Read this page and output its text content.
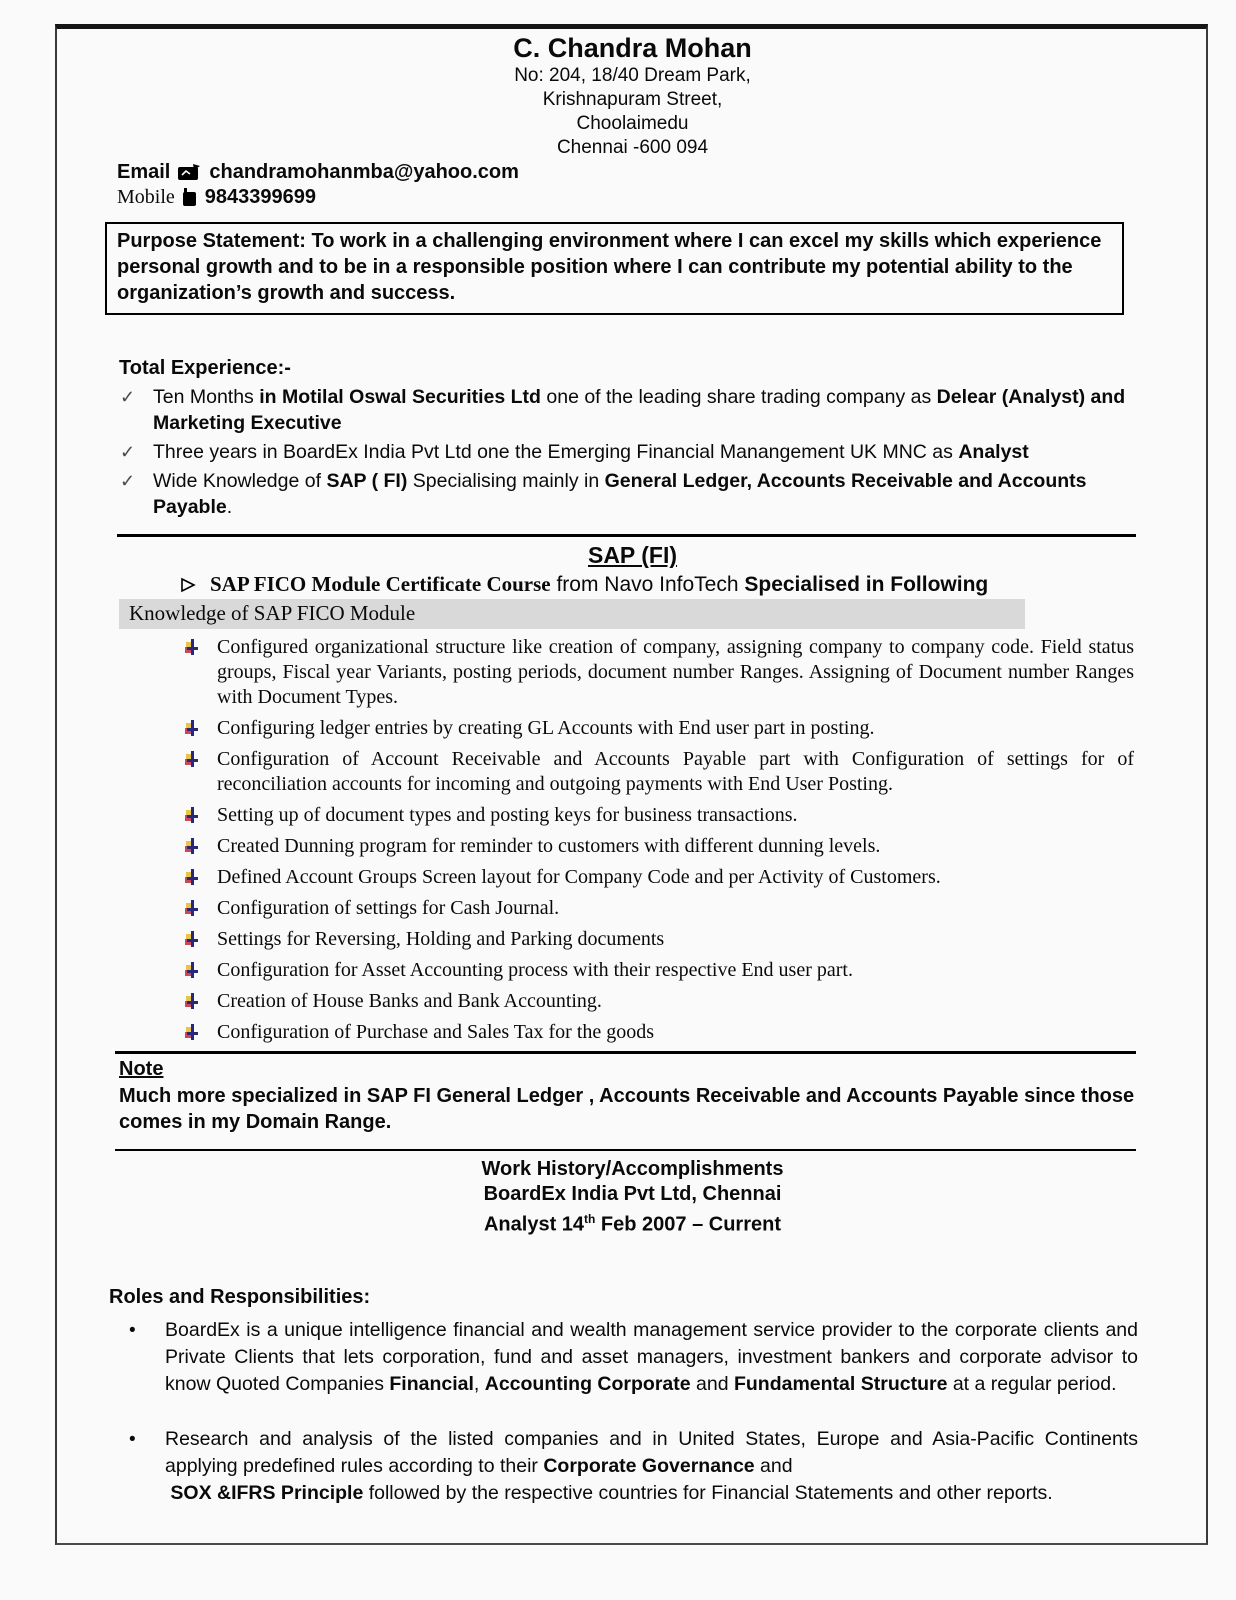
C. Chandra Mohan
No: 204, 18/40 Dream Park,
Krishnapuram Street,
Choolaimedu
Chennai -600 094
Email chandramohanmba@yahoo.com
Mobile 9843399699
Purpose Statement: To work in a challenging environment where I can excel my skills which experience personal growth and to be in a responsible position where I can contribute my potential ability to the organization’s growth and success.
Total Experience:-
✓ Ten Months in Motilal Oswal Securities Ltd one of the leading share trading company as Delear (Analyst) and Marketing Executive
✓ Three years in BoardEx India Pvt Ltd one the Emerging Financial Manangement UK MNC as Analyst
✓ Wide Knowledge of SAP ( FI) Specialising mainly in General Ledger, Accounts Receivable and Accounts Payable.
SAP (FI)
SAP FICO Module Certificate Course from Navo InfoTech Specialised in Following
Knowledge of SAP FICO Module
Configured organizational structure like creation of company, assigning company to company code. Field status groups, Fiscal year Variants, posting periods, document number Ranges. Assigning of Document number Ranges with Document Types.
Configuring ledger entries by creating GL Accounts with End user part in posting.
Configuration of Account Receivable and Accounts Payable part with Configuration of settings for of reconciliation accounts for incoming and outgoing payments with End User Posting.
Setting up of document types and posting keys for business transactions.
Created Dunning program for reminder to customers with different dunning levels.
Defined Account Groups Screen layout for Company Code and per Activity of Customers.
Configuration of settings for Cash Journal.
Settings for Reversing, Holding and Parking documents
Configuration for Asset Accounting process with their respective End user part.
Creation of House Banks and Bank Accounting.
Configuration of Purchase and Sales Tax for the goods
Note
Much more specialized in SAP FI General Ledger , Accounts Receivable and Accounts Payable since those comes in my Domain Range.
Work History/Accomplishments
BoardEx India Pvt Ltd, Chennai
Analyst 14th Feb 2007 – Current
Roles and Responsibilities:
• BoardEx is a unique intelligence financial and wealth management service provider to the corporate clients and Private Clients that lets corporation, fund and asset managers, investment bankers and corporate advisor to know Quoted Companies Financial, Accounting Corporate and Fundamental Structure at a regular period.
• Research and analysis of the listed companies and in United States, Europe and Asia-Pacific Continents applying predefined rules according to their Corporate Governance and
SOX &IFRS Principle followed by the respective countries for Financial Statements and other reports.
